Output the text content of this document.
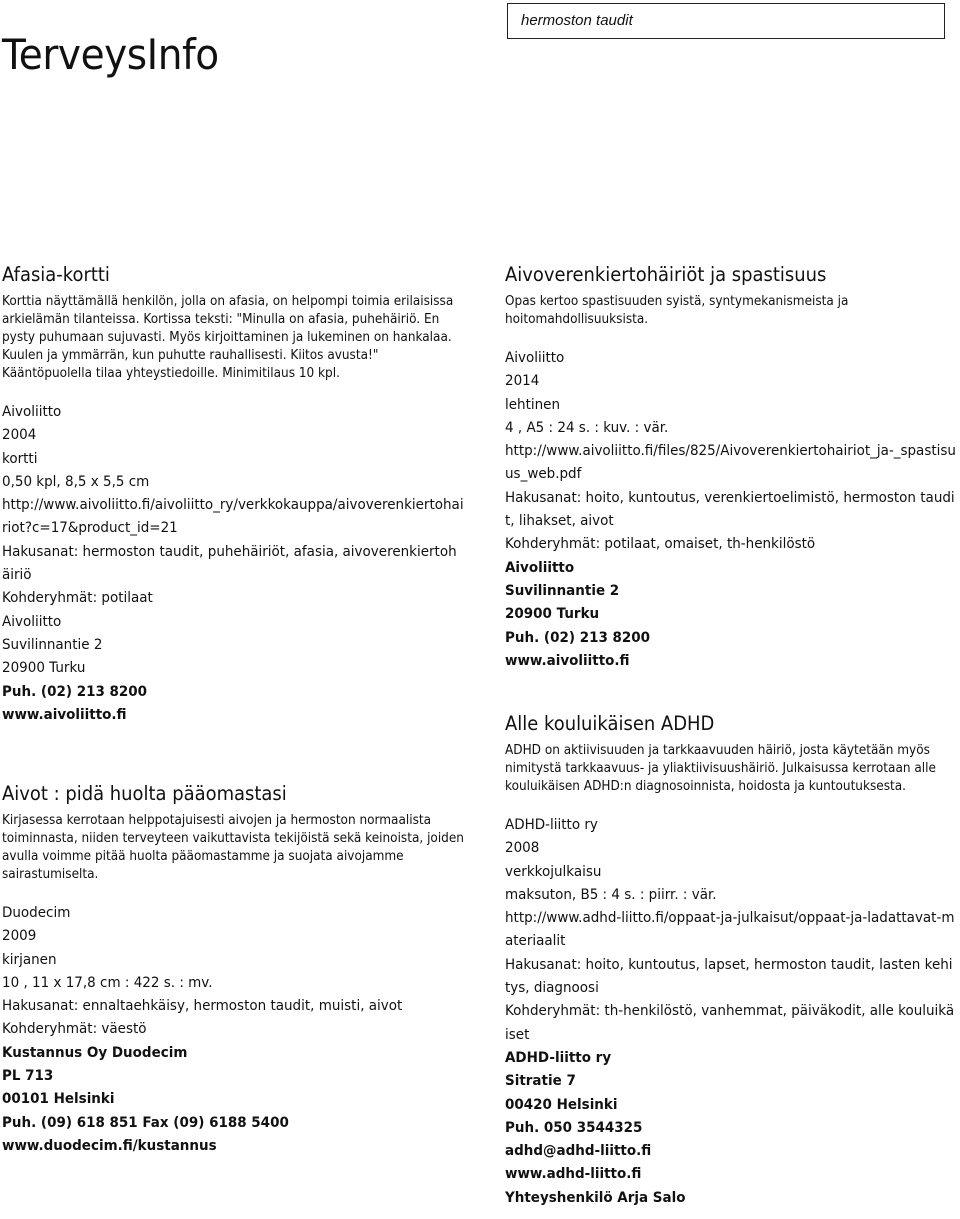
hermoston taudit
TerveysInfo
Afasia-kortti

Korttia näyttämällä henkilön, jolla on afasia, on helpompi toimia erilaisissa arkielämän tilanteissa. Kortissa teksti: "Minulla on afasia, puhehäiriö. En pysty puhumaan sujuvasti. Myös kirjoittaminen ja lukeminen on hankalaa. Kuulen ja ymmärrän, kun puhutte rauhallisesti. Kiitos avusta!" Kääntöpuolella tilaa yhteystiedoille. Minimitilaus 10 kpl.

Aivoliitto
2004
kortti
0,50 kpl, 8,5 x 5,5 cm
http://www.aivoliitto.fi/aivoliitto_ry/verkkokauppa/aivoverenkiertohairiot?c=17&product_id=21
Hakusanat: hermoston taudit, puhehäiriöt, afasia, aivoverenkiertohäiriö
Kohderyhmät: potilaat
Aivoliitto
Suvilinnantie 2
20900 Turku
Puh. (02) 213 8200
www.aivoliitto.fi
Aivot : pidä huolta pääomastasi

Kirjasessa kerrotaan helppotajuisesti aivojen ja hermoston normaalista toiminnasta, niiden terveyteen vaikuttavista tekijöistä sekä keinoista, joiden avulla voimme pitää huolta pääomastamme ja suojata aivojamme sairastumiselta.

Duodecim
2009
kirjanen
10 , 11 x 17,8 cm : 422 s. : mv.
Hakusanat: ennaltaehkäisy, hermoston taudit, muisti, aivot
Kohderyhmät: väestö
Kustannus Oy Duodecim
PL 713
00101 Helsinki
Puh. (09) 618 851 Fax (09) 6188 5400
www.duodecim.fi/kustannus
Aivoverenkiertohäiriöt ja spastisuus

Opas kertoo spastisuuden syistä, syntymekanismeista ja hoitomahdollisuuksista.

Aivoliitto
2014
lehtinen
4 , A5 : 24 s. : kuv. : vär.
http://www.aivoliitto.fi/files/825/Aivoverenkiertohairiot_ja-_spastisuus_web.pdf
Hakusanat: hoito, kuntoutus, verenkiertoelimistö, hermoston taudit, lihakset, aivot
Kohderyhmät: potilaat, omaiset, th-henkilöstö
Aivoliitto
Suvilinnantie 2
20900 Turku
Puh. (02) 213 8200
www.aivoliitto.fi
Alle kouluikäisen ADHD

ADHD on aktiivisuuden ja tarkkaavuuden häiriö, josta käytetään myös nimitystä tarkkaavuus- ja yliaktiivisuushäiriö. Julkaisussa kerrotaan alle kouluikäisen ADHD:n diagnosoinnista, hoidosta ja kuntoutuksesta.

ADHD-liitto ry
2008
verkkojulkaisu
maksuton, B5 : 4 s. : piirr. : vär.
http://www.adhd-liitto.fi/oppaat-ja-julkaisut/oppaat-ja-ladattavat-materiaalit
Hakusanat: hoito, kuntoutus, lapset, hermoston taudit, lasten kehitys, diagnoosi
Kohderyhmät: th-henkilöstö, vanhemmat, päiväkodit, alle kouluikäiset
ADHD-liitto ry
Sitratie 7
00420 Helsinki
Puh. 050 3544325
adhd@adhd-liitto.fi
www.adhd-liitto.fi
Yhteyshenkilö Arja Salo
